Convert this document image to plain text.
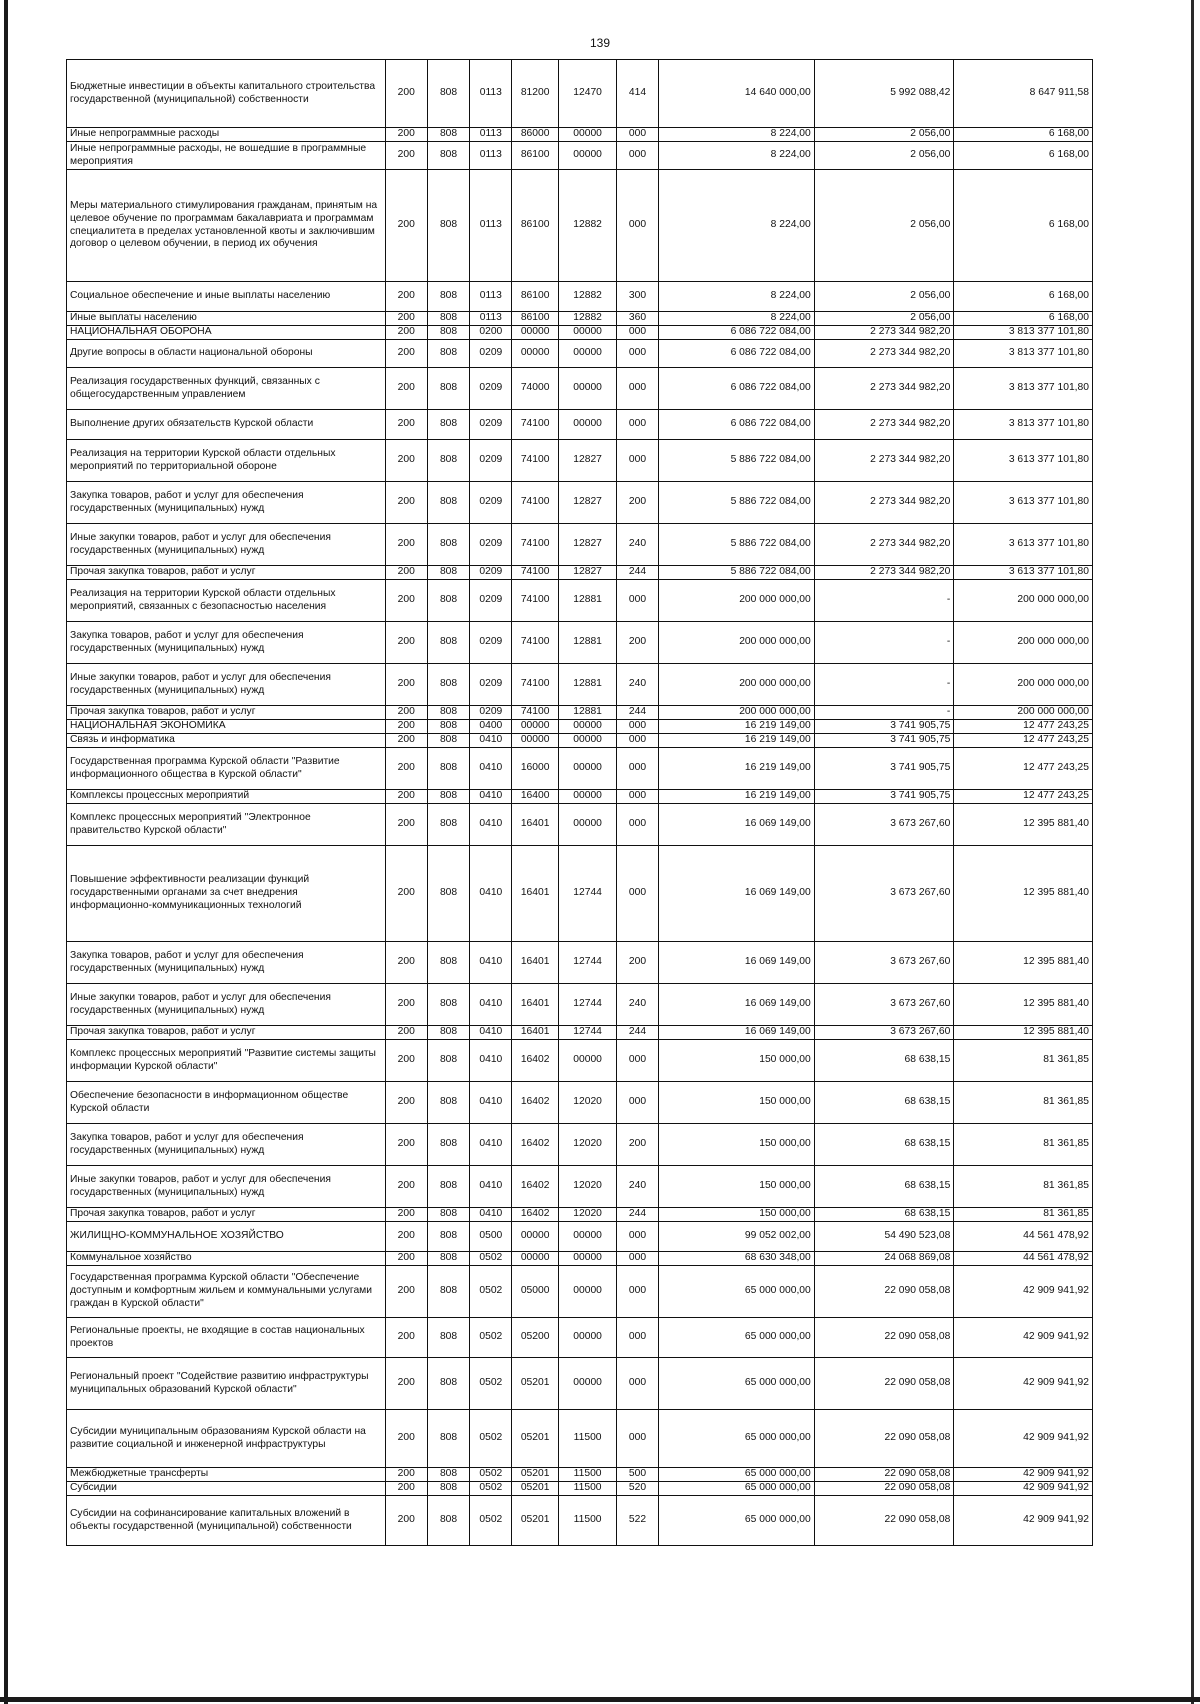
139
Бюджетные инвестиции в объекты капитального строительства государственной (муниципальной) собственности	200	808	0113	81200	12470	414	14 640 000,00	5 992 088,42	8 647 911,58
Иные непрограммные расходы	200	808	0113	86000	00000	000	8 224,00	2 056,00	6 168,00
Иные непрограммные расходы, не вошедшие в программные мероприятия	200	808	0113	86100	00000	000	8 224,00	2 056,00	6 168,00
Меры материального стимулирования гражданам, принятым на целевое обучение по программам бакалавриата и программам специалитета в пределах установленной квоты и заключившим договор о целевом обучении, в период их обучения	200	808	0113	86100	12882	000	8 224,00	2 056,00	6 168,00
Социальное обеспечение и иные выплаты населению	200	808	0113	86100	12882	300	8 224,00	2 056,00	6 168,00
Иные выплаты населению	200	808	0113	86100	12882	360	8 224,00	2 056,00	6 168,00
НАЦИОНАЛЬНАЯ ОБОРОНА	200	808	0200	00000	00000	000	6 086 722 084,00	2 273 344 982,20	3 813 377 101,80
Другие вопросы в области национальной обороны	200	808	0209	00000	00000	000	6 086 722 084,00	2 273 344 982,20	3 813 377 101,80
Реализация государственных функций, связанных с общегосударственным управлением	200	808	0209	74000	00000	000	6 086 722 084,00	2 273 344 982,20	3 813 377 101,80
Выполнение других обязательств Курской области	200	808	0209	74100	00000	000	6 086 722 084,00	2 273 344 982,20	3 813 377 101,80
Реализация на территории Курской области отдельных мероприятий по территориальной обороне	200	808	0209	74100	12827	000	5 886 722 084,00	2 273 344 982,20	3 613 377 101,80
Закупка товаров, работ и услуг для обеспечения государственных (муниципальных) нужд	200	808	0209	74100	12827	200	5 886 722 084,00	2 273 344 982,20	3 613 377 101,80
Иные закупки товаров, работ и услуг для обеспечения государственных (муниципальных) нужд	200	808	0209	74100	12827	240	5 886 722 084,00	2 273 344 982,20	3 613 377 101,80
Прочая закупка товаров, работ и услуг	200	808	0209	74100	12827	244	5 886 722 084,00	2 273 344 982,20	3 613 377 101,80
Реализация на территории Курской области отдельных мероприятий, связанных с безопасностью населения	200	808	0209	74100	12881	000	200 000 000,00	-	200 000 000,00
Закупка товаров, работ и услуг для обеспечения государственных (муниципальных) нужд	200	808	0209	74100	12881	200	200 000 000,00	-	200 000 000,00
Иные закупки товаров, работ и услуг для обеспечения государственных (муниципальных) нужд	200	808	0209	74100	12881	240	200 000 000,00	-	200 000 000,00
Прочая закупка товаров, работ и услуг	200	808	0209	74100	12881	244	200 000 000,00	-	200 000 000,00
НАЦИОНАЛЬНАЯ ЭКОНОМИКА	200	808	0400	00000	00000	000	16 219 149,00	3 741 905,75	12 477 243,25
Связь и информатика	200	808	0410	00000	00000	000	16 219 149,00	3 741 905,75	12 477 243,25
Государственная программа Курской области "Развитие информационного общества в Курской области"	200	808	0410	16000	00000	000	16 219 149,00	3 741 905,75	12 477 243,25
Комплексы процессных мероприятий	200	808	0410	16400	00000	000	16 219 149,00	3 741 905,75	12 477 243,25
Комплекс процессных мероприятий "Электронное правительство Курской области"	200	808	0410	16401	00000	000	16 069 149,00	3 673 267,60	12 395 881,40
Повышение эффективности реализации функций государственными органами за счет внедрения информационно-коммуникационных технологий	200	808	0410	16401	12744	000	16 069 149,00	3 673 267,60	12 395 881,40
Закупка товаров, работ и услуг для обеспечения государственных (муниципальных) нужд	200	808	0410	16401	12744	200	16 069 149,00	3 673 267,60	12 395 881,40
Иные закупки товаров, работ и услуг для обеспечения государственных (муниципальных) нужд	200	808	0410	16401	12744	240	16 069 149,00	3 673 267,60	12 395 881,40
Прочая закупка товаров, работ и услуг	200	808	0410	16401	12744	244	16 069 149,00	3 673 267,60	12 395 881,40
Комплекс процессных мероприятий "Развитие системы защиты информации Курской области"	200	808	0410	16402	00000	000	150 000,00	68 638,15	81 361,85
Обеспечение безопасности в информационном обществе Курской области	200	808	0410	16402	12020	000	150 000,00	68 638,15	81 361,85
Закупка товаров, работ и услуг для обеспечения государственных (муниципальных) нужд	200	808	0410	16402	12020	200	150 000,00	68 638,15	81 361,85
Иные закупки товаров, работ и услуг для обеспечения государственных (муниципальных) нужд	200	808	0410	16402	12020	240	150 000,00	68 638,15	81 361,85
Прочая закупка товаров, работ и услуг	200	808	0410	16402	12020	244	150 000,00	68 638,15	81 361,85
ЖИЛИЩНО-КОММУНАЛЬНОЕ ХОЗЯЙСТВО	200	808	0500	00000	00000	000	99 052 002,00	54 490 523,08	44 561 478,92
Коммунальное хозяйство	200	808	0502	00000	00000	000	68 630 348,00	24 068 869,08	44 561 478,92
Государственная программа Курской области "Обеспечение доступным и комфортным жильем и коммунальными услугами граждан в Курской области"	200	808	0502	05000	00000	000	65 000 000,00	22 090 058,08	42 909 941,92
Региональные проекты, не входящие в состав национальных проектов	200	808	0502	05200	00000	000	65 000 000,00	22 090 058,08	42 909 941,92
Региональный проект "Содействие развитию инфраструктуры муниципальных образований Курской области"	200	808	0502	05201	00000	000	65 000 000,00	22 090 058,08	42 909 941,92
Субсидии муниципальным образованиям Курской области на развитие социальной и инженерной инфраструктуры	200	808	0502	05201	11500	000	65 000 000,00	22 090 058,08	42 909 941,92
Межбюджетные трансферты	200	808	0502	05201	11500	500	65 000 000,00	22 090 058,08	42 909 941,92
Субсидии	200	808	0502	05201	11500	520	65 000 000,00	22 090 058,08	42 909 941,92
Субсидии на софинансирование капитальных вложений в объекты государственной (муниципальной) собственности	200	808	0502	05201	11500	522	65 000 000,00	22 090 058,08	42 909 941,92
